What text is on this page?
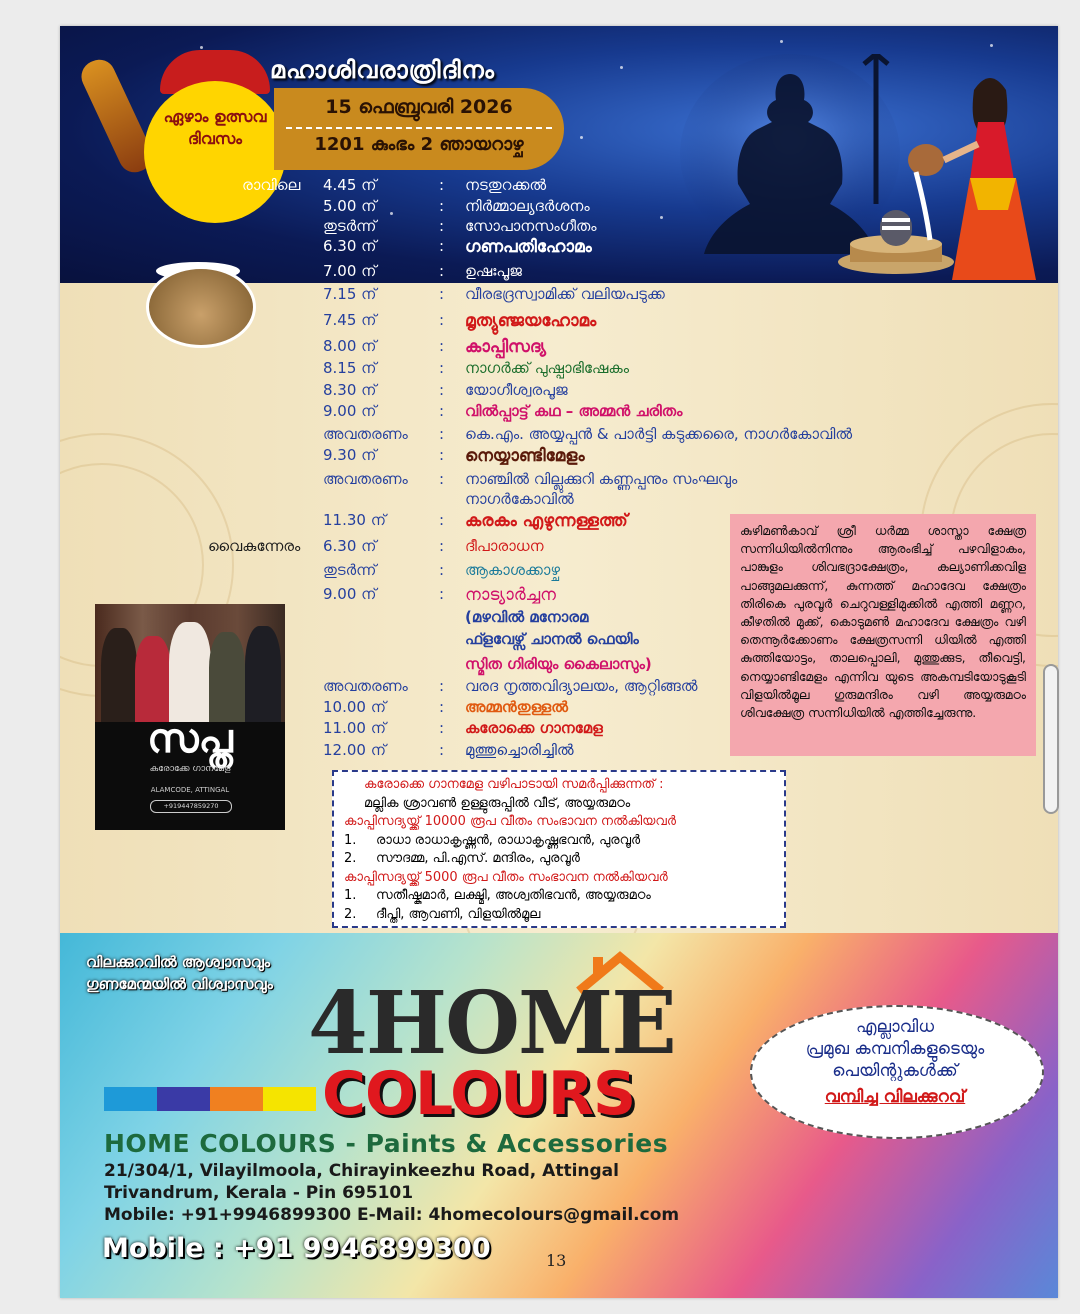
ഏഴാം ഉത്സവ ദിവസം
മഹാശിവരാത്രിദിനം
15 ഫെബ്രുവരി 2026
1201 കുംഭം 2 ഞായറാഴ്ച
രാവിലെ 4.45 ന്	: നടതുറക്കൽ
5.00 ന്	: നിർമ്മാല്യദർശനം
തുടർന്ന്	: സോപാനസംഗീതം
6.30 ന്	: ഗണപതിഹോമം
7.00 ന്	: ഉഷഃപൂജ
7.15 ന്	: വീരഭദ്രസ്വാമിക്ക് വലിയപടുക്ക
7.45 ന്	: മൃത്യുഞ്ജയഹോമം
8.00 ന്	: കാപ്പിസദ്യ
8.15 ന്	: നാഗർക്ക് പുഷ്പാഭിഷേകം
8.30 ന്	: യോഗീശ്വരപൂജ
9.00 ന്	: വിൽപ്പാട്ട് കഥ – അമ്മൻ ചരിതം
അവതരണം : കെ.എം. അയ്യപ്പൻ & പാർട്ടി കടുക്കരൈ, നാഗർകോവിൽ
9.30 ന്	: നെയ്യാണ്ടിമേളം
അവതരണം : നാഞ്ചിൽ വില്ലുക്കുറി കണ്ണപ്പനും സംഘവും
നാഗർകോവിൽ
11.30 ന്	: കരകം എഴുന്നള്ളത്ത്
വൈകുന്നേരം 6.30 ന്	: ദീപാരാധന
തുടർന്ന്	: ആകാശക്കാഴ്ച
9.00 ന്	: നാട്യാർച്ചന
(മഴവിൽ മനോരമ
ഫ്ളവേഴ്സ് ചാനൽ ഫെയിം
സ്മിത ഗിരിയും കൈലാസും)
അവതരണം : വരദ നൃത്തവിദ്യാലയം, ആറ്റിങ്ങൽ
10.00 ന്	: അമ്മൻതുള്ളൽ
11.00 ന്	: കരോക്കെ ഗാനമേള
12.00 ന്	: മുത്തുച്ചൊരിച്ചിൽ
കുഴിമൺകാവ് ശ്രീ ധർമ്മ ശാസ്താ ക്ഷേത്ര സന്നിധിയിൽനിന്നും ആരംഭിച്ച് പഴവിളാകം, പാങ്കുളം ശിവഭദ്രാക്ഷേത്രം, കല്യാണിക്കവിള പാങ്ങുമലക്കുന്ന്, കുന്നത്ത് മഹാദേവ ക്ഷേത്രം തിരികെ പുരവൂർ ചെറുവള്ളിമുക്കിൽ എത്തി മണ്ണറ, കീഴതിൽ മുക്ക്, കൊടുമൺ മഹാദേവ ക്ഷേത്രം വഴി തെന്നൂർക്കോണം ക്ഷേത്രസന്നി ധിയിൽ എത്തി കുത്തിയോട്ടം, താലപ്പൊലി, മുത്തുക്കുട, തീവെട്ടി, നെയ്യാണ്ടിമേളം എന്നിവ യുടെ അകമ്പടിയോടുകൂടി വിളയിൽമൂല ഗുരുമന്ദിരം വഴി അയ്യരുമഠം ശിവക്ഷേത്ര സന്നിധിയിൽ എത്തിച്ചേരുന്നു.
സപ്ത
കരോക്കേ ഗാനമേള
ALAMCODE, ATTINGAL
+919447859270
കരോക്കെ ഗാനമേള വഴിപാടായി സമർപ്പിക്കുന്നത് :
മല്ലിക ശ്രാവൺ ഉള്ളുരുപ്പിൽ വീട്, അയ്യരുമഠം
കാപ്പിസദ്യയ്ക്ക് 10000 രൂപ വീതം സംഭാവന നൽകിയവർ
1. രാധാ രാധാകൃഷ്ണൻ, രാധാകൃഷ്ണഭവൻ, പുരവൂർ
2. സൗദമ്മ, പി.എസ്. മന്ദിരം, പുരവൂർ
കാപ്പിസദ്യയ്ക്ക് 5000 രൂപ വീതം സംഭാവന നൽകിയവർ
1. സതീഷ്കുമാർ, ലക്ഷ്മി, അശ്വതിഭവൻ, അയ്യരുമഠം
2. ദീപ്തി, ആവണി, വിളയിൽമൂല
വിലക്കുറവിൽ ആശ്വാസവും
ഗുണമേന്മയിൽ വിശ്വാസവും 4HOME
COLOURS
HOME COLOURS - Paints & Accessories
21/304/1, Vilayilmoola, Chirayinkeezhu Road, Attingal
Trivandrum, Kerala - Pin 695101
Mobile: +91+9946899300 E-Mail: 4homecolours@gmail.com
Mobile : +91 9946899300	13
എല്ലാവിധ
പ്രമുഖ കമ്പനികളുടെയും
പെയിന്റുകൾക്ക്
വമ്പിച്ച വിലക്കുറവ്
